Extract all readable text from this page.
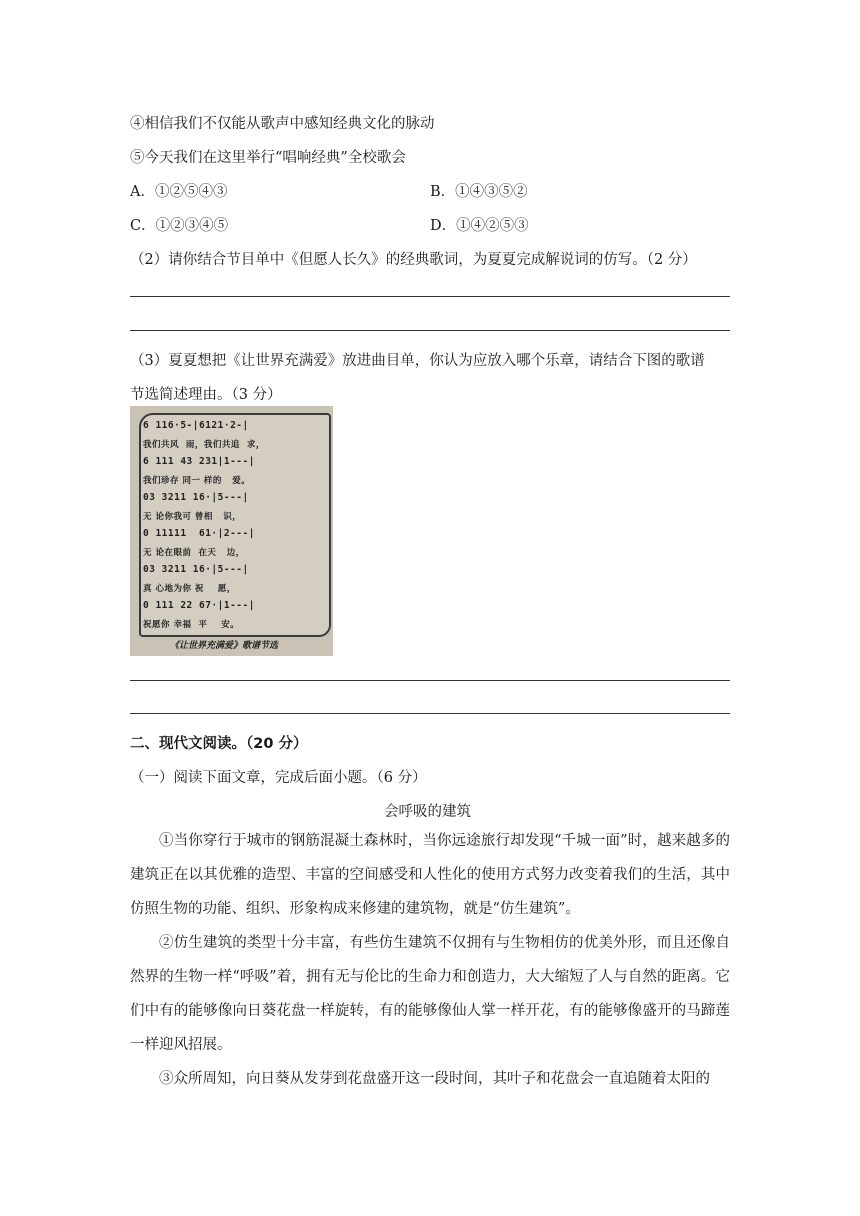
④相信我们不仅能从歌声中感知经典文化的脉动
⑤今天我们在这里举行“唱响经典”全校歌会
A．①②⑤④③	B．①④③⑤②
C．①②③④⑤	D．①④②⑤③
（2）请你结合节目单中《但愿人长久》的经典歌词，为夏夏完成解说词的仿写。（2 分）
（3）夏夏想把《让世界充满爱》放进曲目单，你认为应放入哪个乐章，请结合下图的歌谱
节选简述理由。（3 分）
6 116·5-|6121·2-|
我们共风  雨，我们共追  求，
6 111 43 231|1---|
我们珍存 同一 样的   爱。
03 3211 16·|5---|
无 论你我可 曾相   识，
0 11111  61·|2---|
无 论在眼前  在天   边，
03 3211 16·|5---|
真 心地为你 祝    愿，
0 111 22 67·|1---|
祝愿你 幸福  平    安。
《让世界充满爱》歌谱节选
二、现代文阅读。（20 分）
（一）阅读下面文章，完成后面小题。（6 分）
会呼吸的建筑
①当你穿行于城市的钢筋混凝土森林时，当你远途旅行却发现“千城一面”时，越来越多的建筑正在以其优雅的造型、丰富的空间感受和人性化的使用方式努力改变着我们的生活，其中仿照生物的功能、组织、形象构成来修建的建筑物，就是“仿生建筑”。
②仿生建筑的类型十分丰富，有些仿生建筑不仅拥有与生物相仿的优美外形，而且还像自然界的生物一样“呼吸”着，拥有无与伦比的生命力和创造力，大大缩短了人与自然的距离。它们中有的能够像向日葵花盘一样旋转，有的能够像仙人掌一样开花，有的能够像盛开的马蹄莲一样迎风招展。
③众所周知，向日葵从发芽到花盘盛开这一段时间，其叶子和花盘会一直追随着太阳的
